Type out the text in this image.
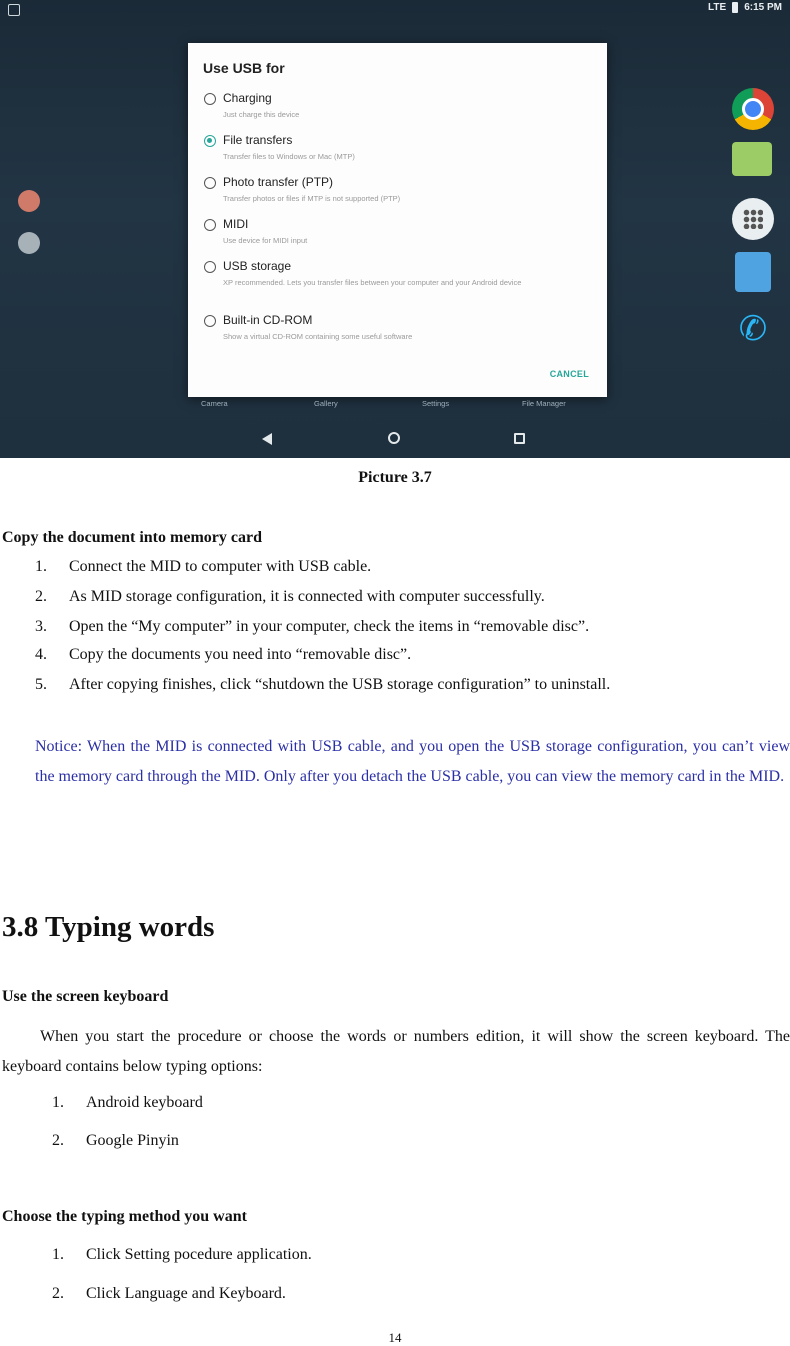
LTE 6:15 PM
✆
Use USB for
Charging
Just charge this device
File transfers
Transfer files to Windows or Mac (MTP)
Photo transfer (PTP)
Transfer photos or files if MTP is not supported (PTP)
MIDI
Use device for MIDI input
USB storage
XP recommended. Lets you transfer files between your computer and your Android device
Built-in CD-ROM
Show a virtual CD-ROM containing some useful software
CANCEL
Camera	Gallery	Settings	File Manager
Picture 3.7
Copy the document into memory card
1. Connect the MID to computer with USB cable.
2. As MID storage configuration, it is connected with computer successfully.
3. Open the “My computer” in your computer, check the items in “removable disc”.
4. Copy the documents you need into “removable disc”.
5. After copying finishes, click “shutdown the USB storage configuration” to uninstall.
Notice: When the MID is connected with USB cable, and you open the USB storage configuration, you can’t view the memory card through the MID. Only after you detach the USB cable, you can view the memory card in the MID.
3.8 Typing words
Use the screen keyboard
When you start the procedure or choose the words or numbers edition, it will show the screen keyboard. The keyboard contains below typing options:
1. Android keyboard
2. Google Pinyin
Choose the typing method you want
1. Click Setting pocedure application.
2. Click Language and Keyboard.
14
